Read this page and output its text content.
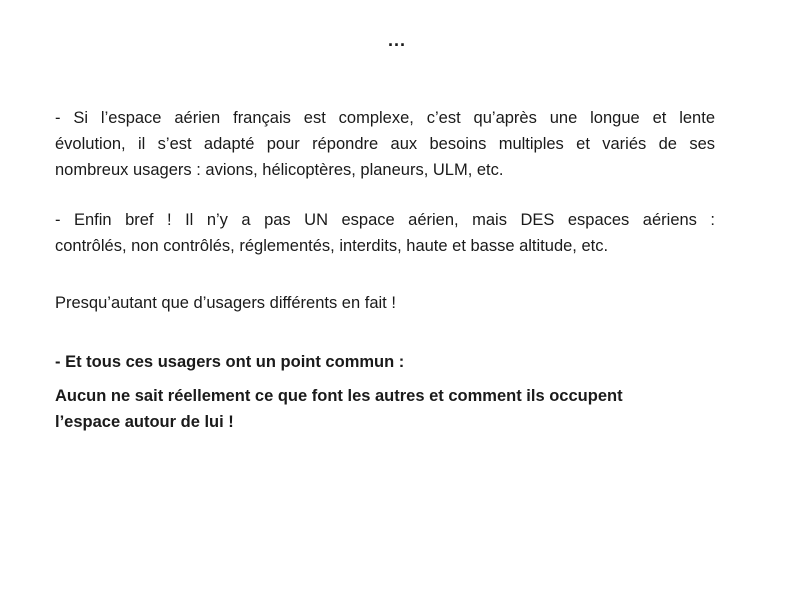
...
- Si l’espace aérien français est complexe, c’est qu’après une longue et lente
évolution, il s’est adapté pour répondre aux besoins multiples et variés de ses
nombreux usagers : avions, hélicoptères, planeurs, ULM, etc.
- Enfin bref ! Il n’y a pas UN espace aérien, mais DES espaces aériens :
contrôlés, non contrôlés, réglementés, interdits, haute et basse altitude, etc.
Presqu’autant que d’usagers différents en fait !
- Et tous ces usagers ont un point commun :
Aucun ne sait réellement ce que font les autres et comment ils occupent
l’espace autour de lui !
